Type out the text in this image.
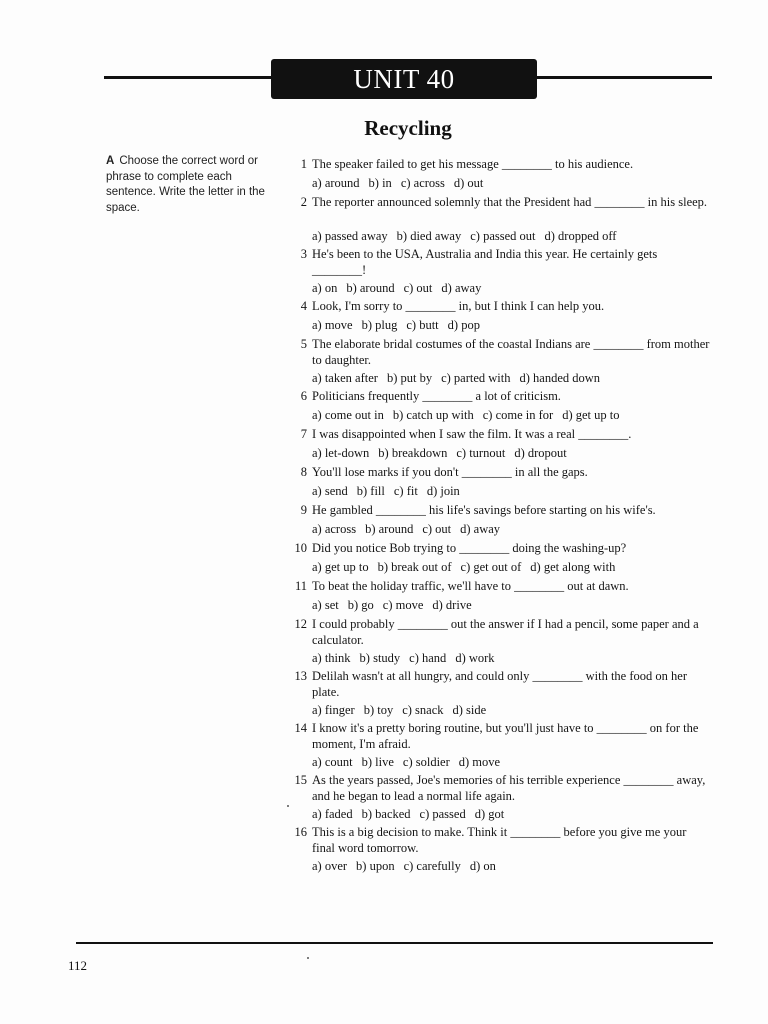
UNIT 40
Recycling
A Choose the correct word or phrase to complete each sentence. Write the letter in the space.
1 The speaker failed to get his message ________ to his audience.
a) around b) in c) across d) out
2 The reporter announced solemnly that the President had ________ in his sleep.
a) passed away b) died away c) passed out d) dropped off
3 He's been to the USA, Australia and India this year. He certainly gets ________!
a) on b) around c) out d) away
4 Look, I'm sorry to ________ in, but I think I can help you.
a) move b) plug c) butt d) pop
5 The elaborate bridal costumes of the coastal Indians are ________ from mother to daughter.
a) taken after b) put by c) parted with d) handed down
6 Politicians frequently ________ a lot of criticism.
a) come out in b) catch up with c) come in for d) get up to
7 I was disappointed when I saw the film. It was a real ________.
a) let-down b) breakdown c) turnout d) dropout
8 You'll lose marks if you don't ________ in all the gaps.
a) send b) fill c) fit d) join
9 He gambled ________ his life's savings before starting on his wife's.
a) across b) around c) out d) away
10 Did you notice Bob trying to ________ doing the washing-up?
a) get up to b) break out of c) get out of d) get along with
11 To beat the holiday traffic, we'll have to ________ out at dawn.
a) set b) go c) move d) drive
12 I could probably ________ out the answer if I had a pencil, some paper and a calculator.
a) think b) study c) hand d) work
13 Delilah wasn't at all hungry, and could only ________ with the food on her plate.
a) finger b) toy c) snack d) side
14 I know it's a pretty boring routine, but you'll just have to ________ on for the moment, I'm afraid.
a) count b) live c) soldier d) move
15 As the years passed, Joe's memories of his terrible experience ________ away, and he began to lead a normal life again.
a) faded b) backed c) passed d) got
16 This is a big decision to make. Think it ________ before you give me your final word tomorrow.
a) over b) upon c) carefully d) on
112
